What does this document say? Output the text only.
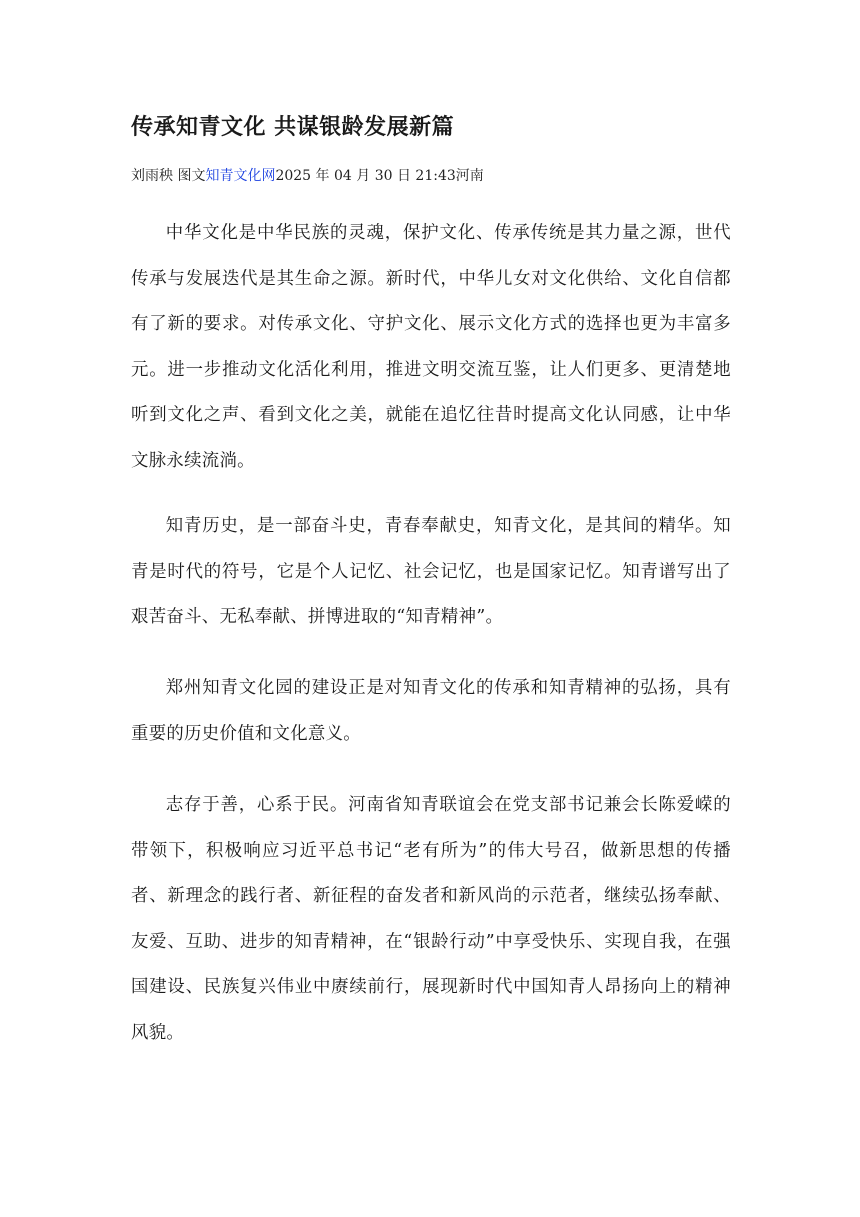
传承知青文化 共谋银龄发展新篇
刘雨秧 图文知青文化网2025 年 04 月 30 日 21:43河南

中华文化是中华民族的灵魂，保护文化、传承传统是其力量之源，世代传承与发展迭代是其生命之源。新时代，中华儿女对文化供给、文化自信都有了新的要求。对传承文化、守护文化、展示文化方式的选择也更为丰富多元。进一步推动文化活化利用，推进文明交流互鉴，让人们更多、更清楚地听到文化之声、看到文化之美，就能在追忆往昔时提高文化认同感，让中华文脉永续流淌。

知青历史，是一部奋斗史，青春奉献史，知青文化，是其间的精华。知青是时代的符号，它是个人记忆、社会记忆，也是国家记忆。知青谱写出了艰苦奋斗、无私奉献、拼博进取的“知青精神”。

郑州知青文化园的建设正是对知青文化的传承和知青精神的弘扬，具有重要的历史价值和文化意义。

志存于善，心系于民。河南省知青联谊会在党支部书记兼会长陈爱嵘的带领下，积极响应习近平总书记“老有所为”的伟大号召，做新思想的传播者、新理念的践行者、新征程的奋发者和新风尚的示范者，继续弘扬奉献、友爱、互助、进步的知青精神，在“银龄行动”中享受快乐、实现自我，在强国建设、民族复兴伟业中赓续前行，展现新时代中国知青人昂扬向上的精神风貌。
